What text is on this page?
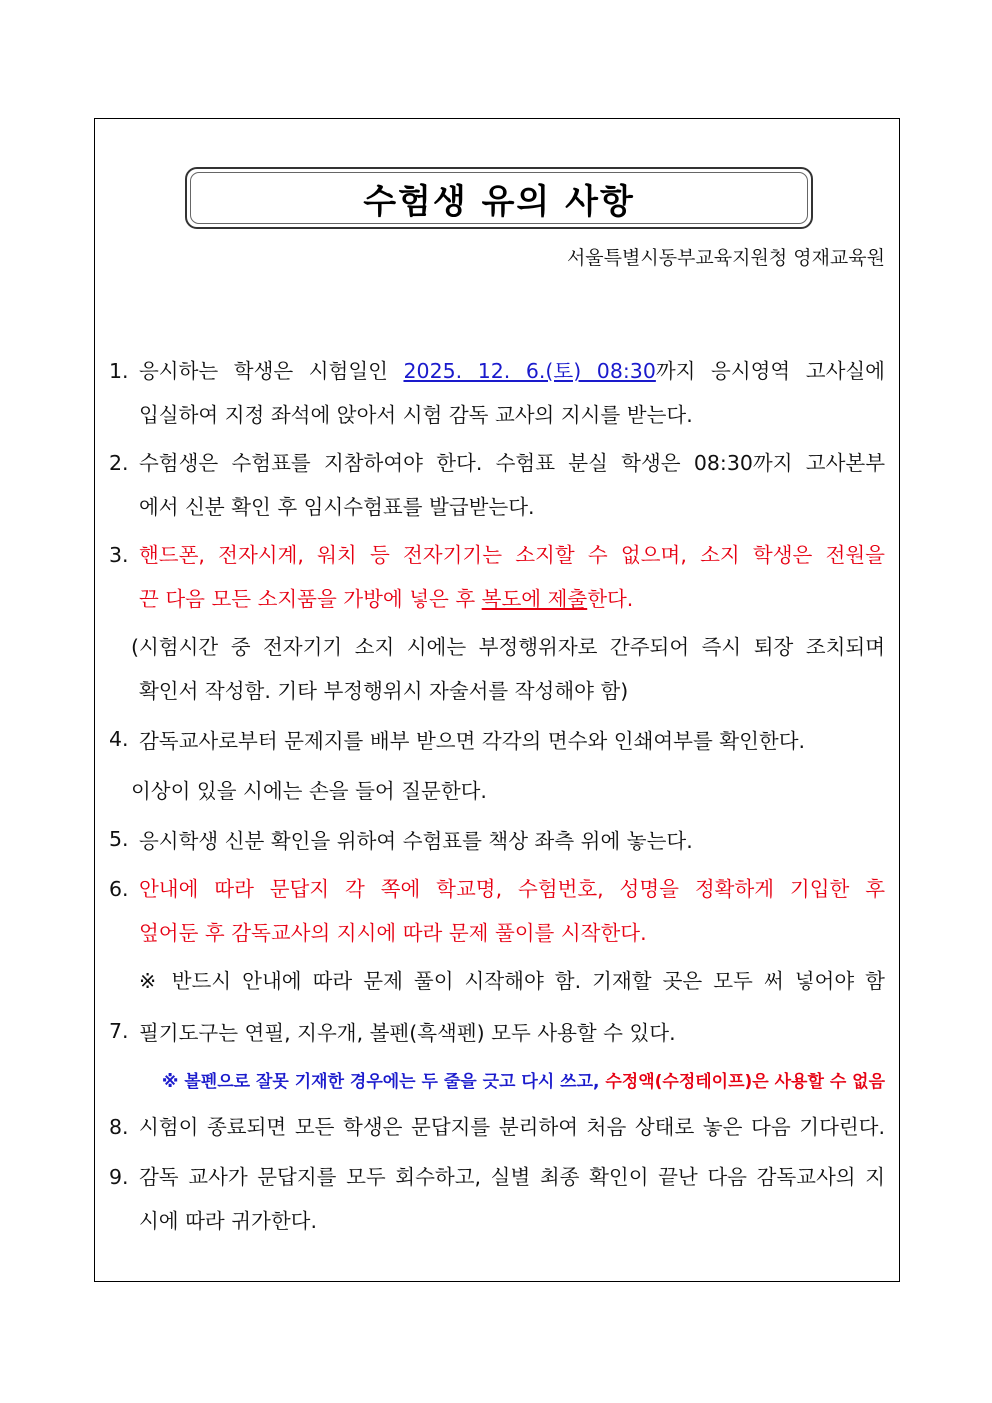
수험생 유의 사항
서울특별시동부교육지원청 영재교육원
1. 응시하는 학생은 시험일인 2025. 12. 6.(토) 08:30까지 응시영역 고사실에
입실하여 지정 좌석에 앉아서 시험 감독 교사의 지시를 받는다.
2. 수험생은 수험표를 지참하여야 한다. 수험표 분실 학생은 08:30까지 고사본부
에서 신분 확인 후 임시수험표를 발급받는다.
3. 핸드폰, 전자시계, 워치 등 전자기기는 소지할 수 없으며, 소지 학생은 전원을
끈 다음 모든 소지품을 가방에 넣은 후 복도에 제출한다.
(시험시간 중 전자기기 소지 시에는 부정행위자로 간주되어 즉시 퇴장 조치되며
확인서 작성함. 기타 부정행위시 자술서를 작성해야 함)
4. 감독교사로부터 문제지를 배부 받으면 각각의 면수와 인쇄여부를 확인한다.
이상이 있을 시에는 손을 들어 질문한다.
5. 응시학생 신분 확인을 위하여 수험표를 책상 좌측 위에 놓는다.
6. 안내에 따라 문답지 각 쪽에 학교명, 수험번호, 성명을 정확하게 기입한 후
엎어둔 후 감독교사의 지시에 따라 문제 풀이를 시작한다.
※ 반드시 안내에 따라 문제 풀이 시작해야 함. 기재할 곳은 모두 써 넣어야 함
7. 필기도구는 연필, 지우개, 볼펜(흑색펜) 모두 사용할 수 있다.
※ 볼펜으로 잘못 기재한 경우에는 두 줄을 긋고 다시 쓰고, 수정액(수정테이프)은 사용할 수 없음
8. 시험이 종료되면 모든 학생은 문답지를 분리하여 처음 상태로 놓은 다음 기다린다.
9. 감독 교사가 문답지를 모두 회수하고, 실별 최종 확인이 끝난 다음 감독교사의 지
시에 따라 귀가한다.
